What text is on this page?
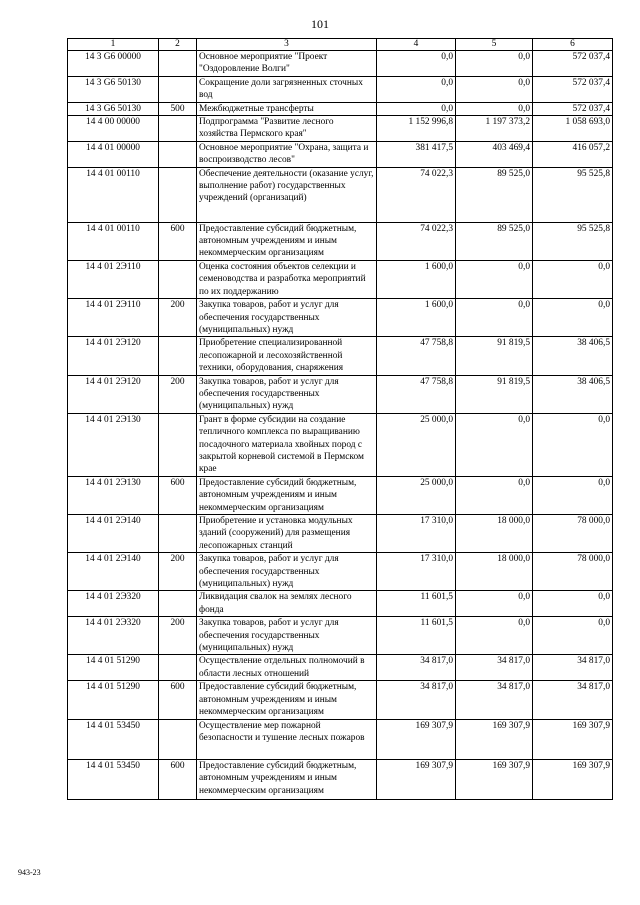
101
1	2	3	4	5	6
14 3 G6 00000		Основное мероприятие "Проект "Оздоровление Волги"	0,0	0,0	572 037,4
14 3 G6 50130		Сокращение доли загрязненных сточных вод	0,0	0,0	572 037,4
14 3 G6 50130	500	Межбюджетные трансферты	0,0	0,0	572 037,4
14 4 00 00000		Подпрограмма "Развитие лесного хозяйства Пермского края"	1 152 996,8	1 197 373,2	1 058 693,0
14 4 01 00000		Основное мероприятие "Охрана, защита и воспроизводство лесов"	381 417,5	403 469,4	416 057,2
14 4 01 00110		Обеспечение деятельности (оказание услуг, выполнение работ) государственных учреждений (организаций)	74 022,3	89 525,0	95 525,8
14 4 01 00110	600	Предоставление субсидий бюджетным, автономным учреждениям и иным некоммерческим организациям	74 022,3	89 525,0	95 525,8
14 4 01 2Э110		Оценка состояния объектов селекции и семеноводства и разработка мероприятий по их поддержанию	1 600,0	0,0	0,0
14 4 01 2Э110	200	Закупка товаров, работ и услуг для обеспечения государственных (муниципальных) нужд	1 600,0	0,0	0,0
14 4 01 2Э120		Приобретение специализированной лесопожарной и лесохозяйственной техники, оборудования, снаряжения	47 758,8	91 819,5	38 406,5
14 4 01 2Э120	200	Закупка товаров, работ и услуг для обеспечения государственных (муниципальных) нужд	47 758,8	91 819,5	38 406,5
14 4 01 2Э130		Грант в форме субсидии на создание тепличного комплекса по выращиванию посадочного материала хвойных пород с закрытой корневой системой в Пермском крае	25 000,0	0,0	0,0
14 4 01 2Э130	600	Предоставление субсидий бюджетным, автономным учреждениям и иным некоммерческим организациям	25 000,0	0,0	0,0
14 4 01 2Э140		Приобретение и установка модульных зданий (сооружений) для размещения лесопожарных станций	17 310,0	18 000,0	78 000,0
14 4 01 2Э140	200	Закупка товаров, работ и услуг для обеспечения государственных (муниципальных) нужд	17 310,0	18 000,0	78 000,0
14 4 01 2Э320		Ликвидация свалок на землях лесного фонда	11 601,5	0,0	0,0
14 4 01 2Э320	200	Закупка товаров, работ и услуг для обеспечения государственных (муниципальных) нужд	11 601,5	0,0	0,0
14 4 01 51290		Осуществление отдельных полномочий в области лесных отношений	34 817,0	34 817,0	34 817,0
14 4 01 51290	600	Предоставление субсидий бюджетным, автономным учреждениям и иным некоммерческим организациям	34 817,0	34 817,0	34 817,0
14 4 01 53450		Осуществление мер пожарной безопасности и тушение лесных пожаров	169 307,9	169 307,9	169 307,9
14 4 01 53450	600	Предоставление субсидий бюджетным, автономным учреждениям и иным некоммерческим организациям	169 307,9	169 307,9	169 307,9
943-23
